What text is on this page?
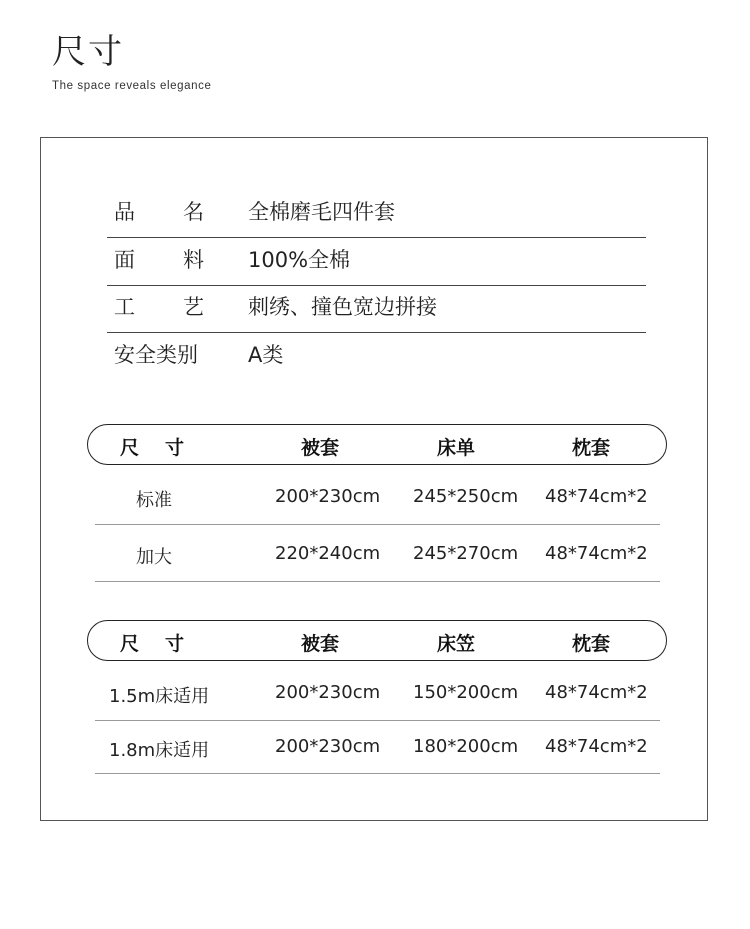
尺寸
The space reveals elegance
品 名 全棉磨毛四件套
面 料 100%全棉
工 艺 刺绣、撞色宽边拼接
安全类别 A类
尺 寸	被套	床单	枕套
标准	200*230cm 245*250cm 48*74cm*2
加大	220*240cm 245*270cm 48*74cm*2
尺 寸	被套	床笠	枕套
1.5m床适用	200*230cm 150*200cm 48*74cm*2
1.8m床适用	200*230cm 180*200cm 48*74cm*2
